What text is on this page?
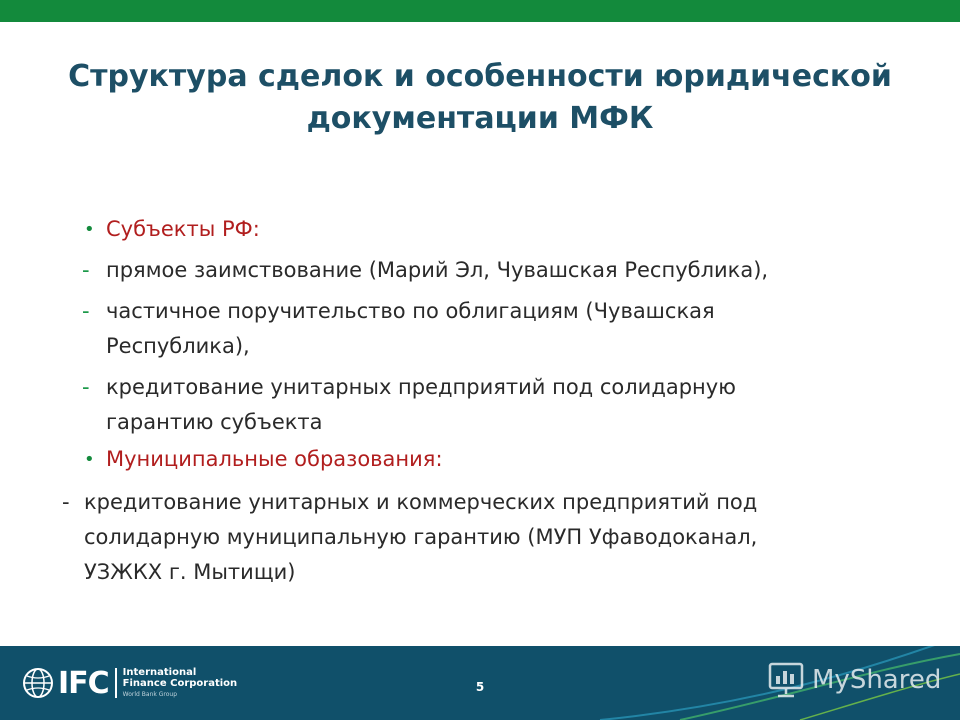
Структура сделок и особенности юридической
документации МФК
• Субъекты РФ:
- прямое заимствование (Марий Эл, Чувашская Республика),
- частичное поручительство по облигациям (Чувашская
Республика),
- кредитование унитарных предприятий под солидарную
гарантию субъекта
• Муниципальные образования:
- кредитование унитарных и коммерческих предприятий под
солидарную муниципальную гарантию (МУП Уфаводоканал,
УЗЖКХ г. Мытищи)
IFC International
Finance Corporation
World Bank Group	5	MyShared
